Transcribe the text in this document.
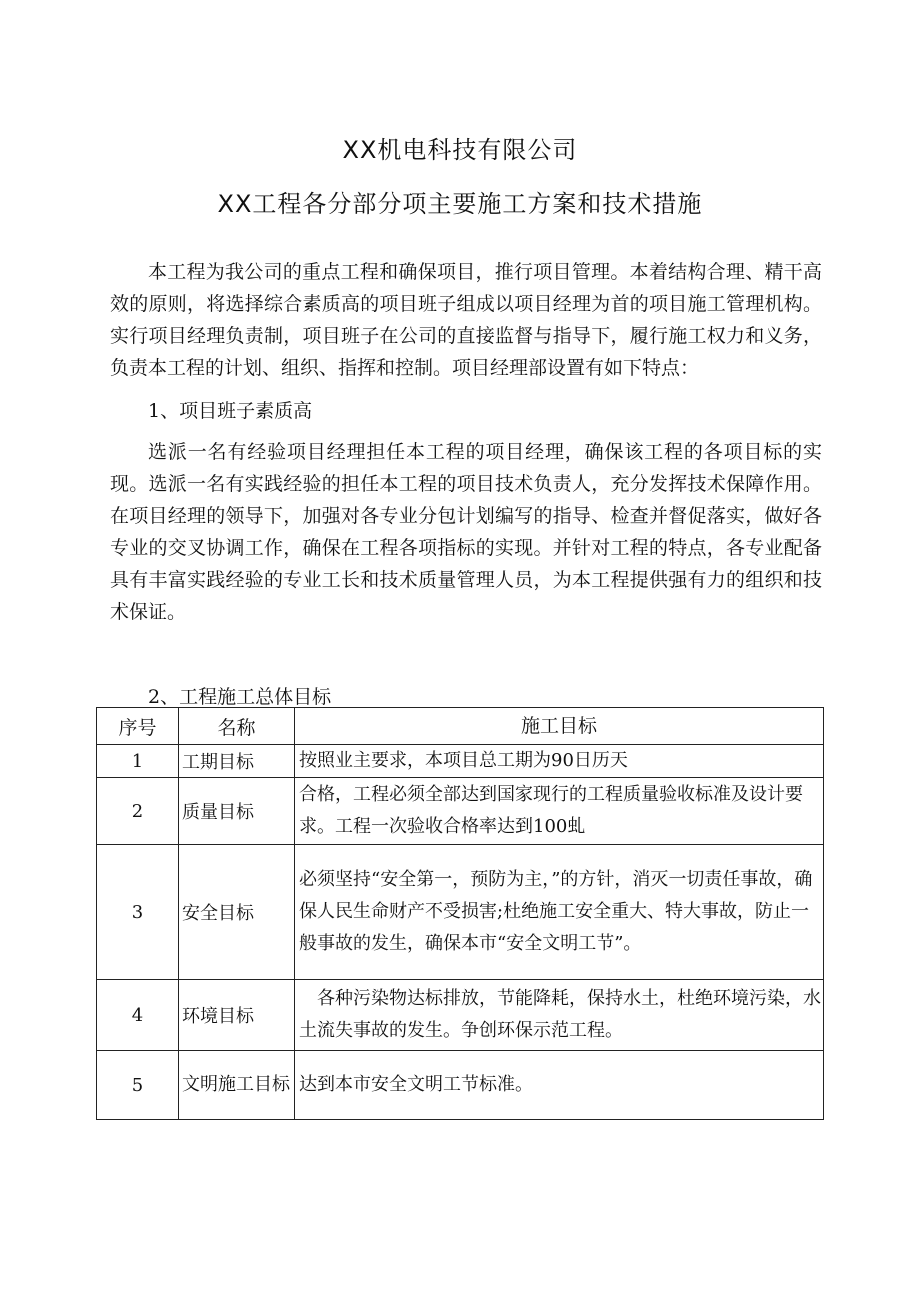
XX机电科技有限公司
XX工程各分部分项主要施工方案和技术措施
本工程为我公司的重点工程和确保项目，推行项目管理。本着结构合理、精干高效的原则，将选择综合素质高的项目班子组成以项目经理为首的项目施工管理机构。实行项目经理负责制，项目班子在公司的直接监督与指导下，履行施工权力和义务，负责本工程的计划、组织、指挥和控制。项目经理部设置有如下特点：
1、项目班子素质高
选派一名有经验项目经理担任本工程的项目经理，确保该工程的各项目标的实现。选派一名有实践经验的担任本工程的项目技术负责人，充分发挥技术保障作用。在项目经理的领导下，加强对各专业分包计划编写的指导、检查并督促落实，做好各专业的交叉协调工作，确保在工程各项指标的实现。并针对工程的特点，各专业配备具有丰富实践经验的专业工长和技术质量管理人员，为本工程提供强有力的组织和技术保证。
2、工程施工总体目标
序号	名称	施工目标
1	工期目标	按照业主要求，本项目总工期为90日历天
2	质量目标	合格，工程必须全部达到国家现行的工程质量验收标准及设计要求。工程一次验收合格率达到100虬
3	安全目标	必须坚持“安全第一，预防为主，”的方针，消灭一切责任事故，确保人民生命财产不受损害;杜绝施工安全重大、特大事故，防止一般事故的发生，确保本市“安全文明工节”。
4	环境目标	各种污染物达标排放，节能降耗，保持水土，杜绝环境污染，水土流失事故的发生。争创环保示范工程。
5	文明施工目标	达到本市安全文明工节标准。
